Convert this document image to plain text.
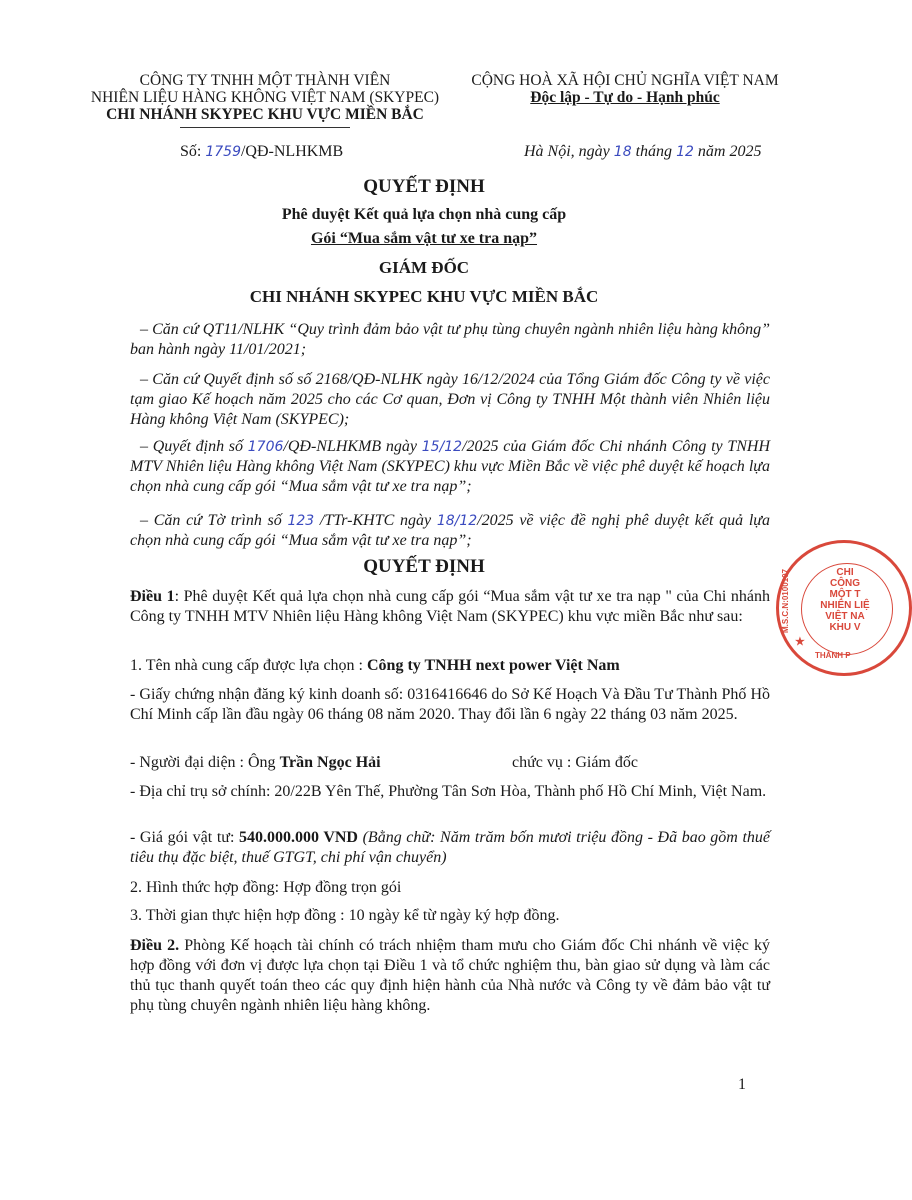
CÔNG TY TNHH MỘT THÀNH VIÊN
NHIÊN LIỆU HÀNG KHÔNG VIỆT NAM (SKYPEC)
CHI NHÁNH SKYPEC KHU VỰC MIỀN BẮC
CỘNG HOÀ XÃ HỘI CHỦ NGHĨA VIỆT NAM
Độc lập - Tự do - Hạnh phúc
Số: 1759/QĐ-NLHKMB	Hà Nội, ngày 18 tháng 12 năm 2025
QUYẾT ĐỊNH
Phê duyệt Kết quả lựa chọn nhà cung cấp
Gói “Mua sắm vật tư xe tra nạp”
GIÁM ĐỐC
CHI NHÁNH SKYPEC KHU VỰC MIỀN BẮC
– Căn cứ QT11/NLHK “Quy trình đảm bảo vật tư phụ tùng chuyên ngành nhiên liệu hàng không” ban hành ngày 11/01/2021;
– Căn cứ Quyết định số số 2168/QĐ-NLHK ngày 16/12/2024 của Tổng Giám đốc Công ty về việc tạm giao Kế hoạch năm 2025 cho các Cơ quan, Đơn vị Công ty TNHH Một thành viên Nhiên liệu Hàng không Việt Nam (SKYPEC);
– Quyết định số 1706/QĐ-NLHKMB ngày 15/12/2025 của Giám đốc Chi nhánh Công ty TNHH MTV Nhiên liệu Hàng không Việt Nam (SKYPEC) khu vực Miền Bắc về việc phê duyệt kế hoạch lựa chọn nhà cung cấp gói “Mua sắm vật tư xe tra nạp”;
– Căn cứ Tờ trình số 123 /TTr-KHTC ngày 18/12/2025 về việc đề nghị phê duyệt kết quả lựa chọn nhà cung cấp gói “Mua sắm vật tư xe tra nạp”;
QUYẾT ĐỊNH
Điều 1: Phê duyệt Kết quả lựa chọn nhà cung cấp gói “Mua sắm vật tư xe tra nạp " của Chi nhánh Công ty TNHH MTV Nhiên liệu Hàng không Việt Nam (SKYPEC) khu vực miền Bắc như sau:
1. Tên nhà cung cấp được lựa chọn : Công ty TNHH next power Việt Nam
- Giấy chứng nhận đăng ký kinh doanh số: 0316416646 do Sở Kế Hoạch Và Đầu Tư Thành Phố Hồ Chí Minh cấp lần đầu ngày 06 tháng 08 năm 2020. Thay đổi lần 6 ngày 22 tháng 03 năm 2025.
- Người đại diện : Ông Trần Ngọc Hải	chức vụ : Giám đốc
- Địa chỉ trụ sở chính: 20/22B Yên Thế, Phường Tân Sơn Hòa, Thành phố Hồ Chí Minh, Việt Nam.
- Giá gói vật tư: 540.000.000 VND (Bằng chữ: Năm trăm bốn mươi triệu đồng - Đã bao gồm thuế tiêu thụ đặc biệt, thuế GTGT, chi phí vận chuyển)
2. Hình thức hợp đồng: Hợp đồng trọn gói
3. Thời gian thực hiện hợp đồng : 10 ngày kể từ ngày ký hợp đồng.
Điều 2. Phòng Kế hoạch tài chính có trách nhiệm tham mưu cho Giám đốc Chi nhánh về việc ký hợp đồng với đơn vị được lựa chọn tại Điều 1 và tổ chức nghiệm thu, bàn giao sử dụng và làm các thủ tục thanh quyết toán theo các quy định hiện hành của Nhà nước và Công ty về đảm bảo vật tư phụ tùng chuyên ngành nhiên liệu hàng không.
CHI
CÔNG
MỘT T
NHIÊN LIỆ
VIỆT NA
KHU V
M.S.C.N:0100107
★
THÀNH P
1
